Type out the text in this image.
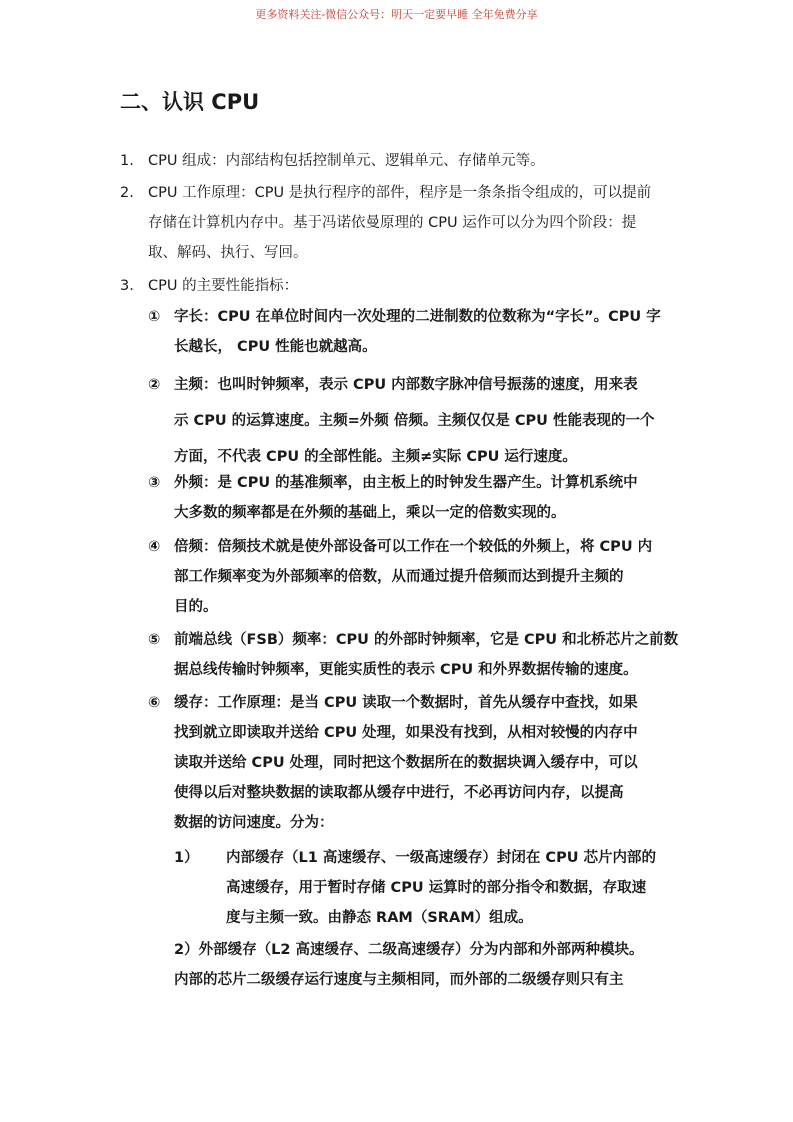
更多资料关注-微信公众号：明天一定要早睡 全年免费分享
二、认识 CPU
1. CPU 组成：内部结构包括控制单元、逻辑单元、存储单元等。
2. CPU 工作原理：CPU 是执行程序的部件，程序是一条条指令组成的，可以提前
存储在计算机内存中。基于冯诺依曼原理的 CPU 运作可以分为四个阶段：提
取、解码、执行、写回。
3. CPU 的主要性能指标：
① 字长：CPU 在单位时间内一次处理的二进制数的位数称为“字长”。CPU 字
长越长， CPU 性能也就越高。
② 主频：也叫时钟频率，表示 CPU 内部数字脉冲信号振荡的速度，用来表
示 CPU 的运算速度。主频=外频 倍频。主频仅仅是 CPU 性能表现的一个
方面，不代表 CPU 的全部性能。主频≠实际 CPU 运行速度。
③ 外频：是 CPU 的基准频率，由主板上的时钟发生器产生。计算机系统中
大多数的频率都是在外频的基础上，乘以一定的倍数实现的。
④ 倍频：倍频技术就是使外部设备可以工作在一个较低的外频上，将 CPU 内
部工作频率变为外部频率的倍数，从而通过提升倍频而达到提升主频的
目的。
⑤ 前端总线（FSB）频率：CPU 的外部时钟频率，它是 CPU 和北桥芯片之前数
据总线传输时钟频率，更能实质性的表示 CPU 和外界数据传输的速度。
⑥ 缓存：工作原理：是当 CPU 读取一个数据时，首先从缓存中查找，如果
找到就立即读取并送给 CPU 处理，如果没有找到，从相对较慢的内存中
读取并送给 CPU 处理，同时把这个数据所在的数据块调入缓存中，可以
使得以后对整块数据的读取都从缓存中进行，不必再访问内存，以提高
数据的访问速度。分为：
1） 内部缓存（L1 高速缓存、一级高速缓存）封闭在 CPU 芯片内部的
高速缓存，用于暂时存储 CPU 运算时的部分指令和数据，存取速
度与主频一致。由静态 RAM（SRAM）组成。
2）外部缓存（L2 高速缓存、二级高速缓存）分为内部和外部两种模块。
内部的芯片二级缓存运行速度与主频相同，而外部的二级缓存则只有主
